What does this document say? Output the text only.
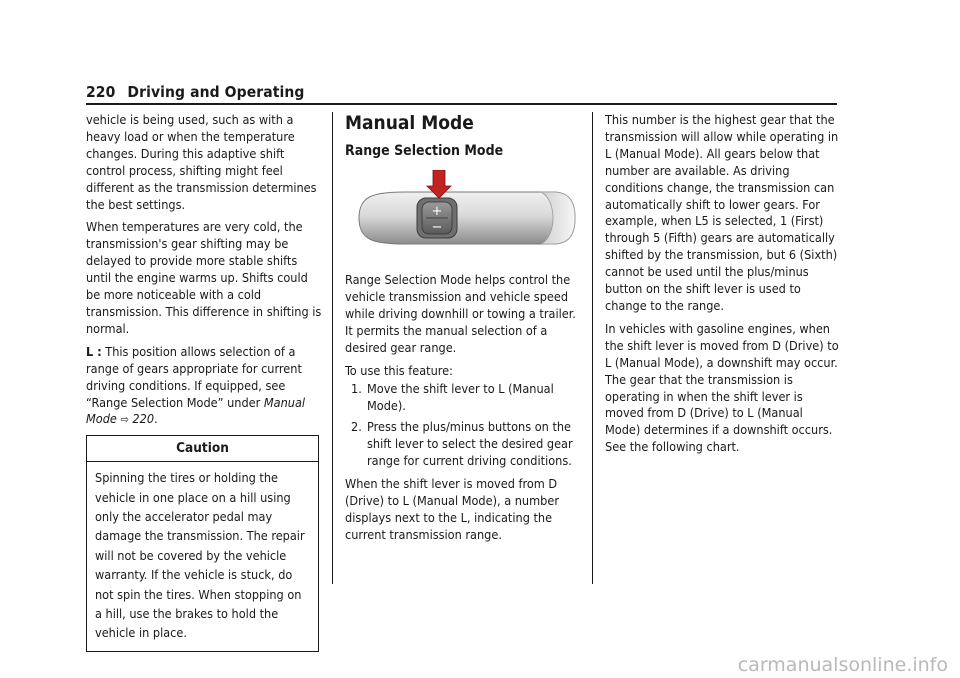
220 Driving and Operating

vehicle is being used, such as with a heavy load or when the temperature changes. During this adaptive shift control process, shifting might feel different as the transmission determines the best settings.

When temperatures are very cold, the transmission's gear shifting may be delayed to provide more stable shifts until the engine warms up. Shifts could be more noticeable with a cold transmission. This difference in shifting is normal.

L : This position allows selection of a range of gears appropriate for current driving conditions. If equipped, see “Range Selection Mode” under Manual Mode ⇨ 220.

Caution
Spinning the tires or holding the vehicle in one place on a hill using only the accelerator pedal may damage the transmission. The repair will not be covered by the vehicle warranty. If the vehicle is stuck, do not spin the tires. When stopping on a hill, use the brakes to hold the vehicle in place.
Manual Mode
Range Selection Mode
+
−

Range Selection Mode helps control the vehicle transmission and vehicle speed while driving downhill or towing a trailer. It permits the manual selection of a desired gear range.

To use this feature:

1. Move the shift lever to L (Manual Mode).
2. Press the plus/minus buttons on the shift lever to select the desired gear range for current driving conditions.

When the shift lever is moved from D (Drive) to L (Manual Mode), a number displays next to the L, indicating the current transmission range.

This number is the highest gear that the transmission will allow while operating in L (Manual Mode). All gears below that number are available. As driving conditions change, the transmission can automatically shift to lower gears. For example, when L5 is selected, 1 (First) through 5 (Fifth) gears are automatically shifted by the transmission, but 6 (Sixth) cannot be used until the plus/minus button on the shift lever is used to change to the range.

In vehicles with gasoline engines, when the shift lever is moved from D (Drive) to L (Manual Mode), a downshift may occur. The gear that the transmission is operating in when the shift lever is moved from D (Drive) to L (Manual Mode) determines if a downshift occurs. See the following chart.

carmanualsonline.info
